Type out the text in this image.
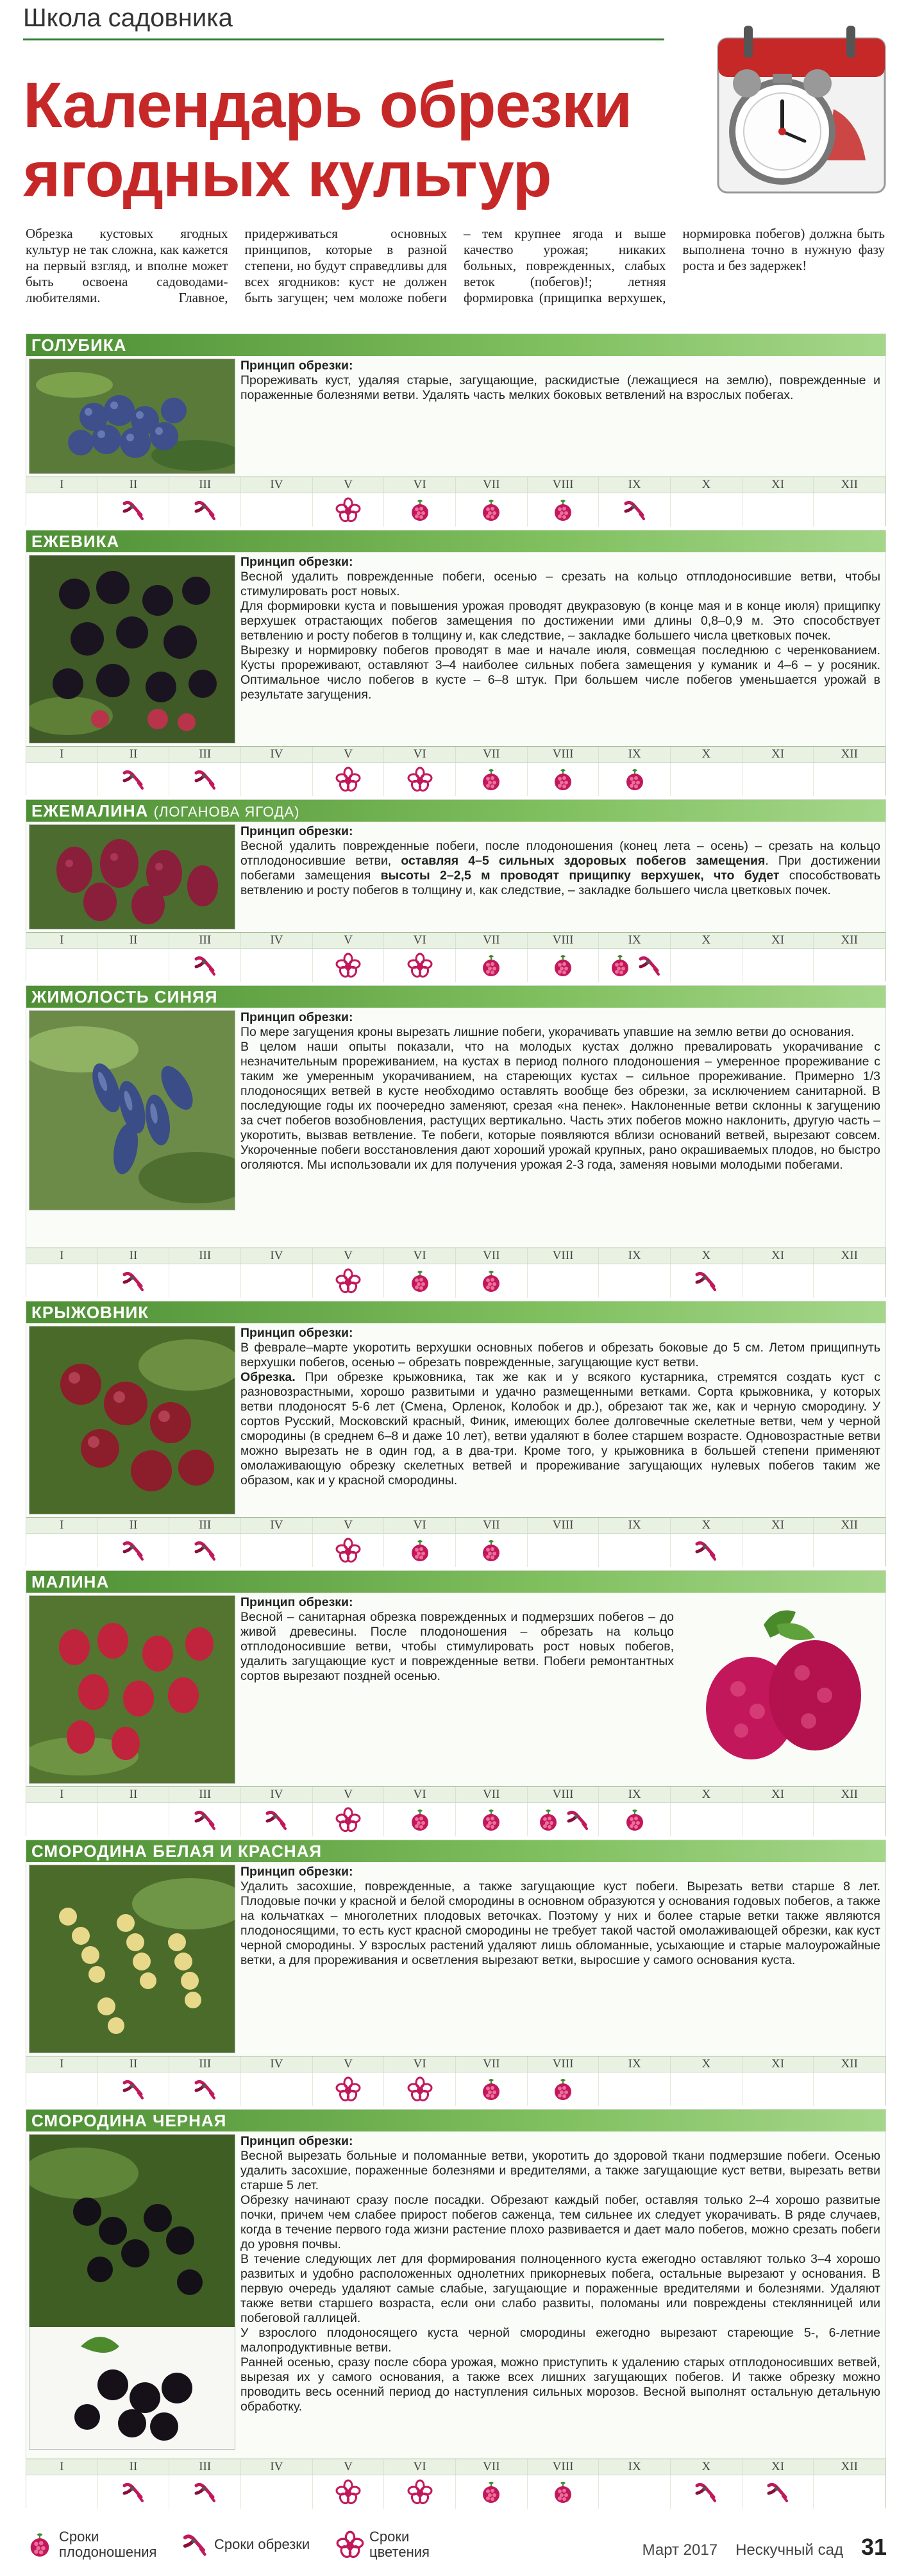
Школа садовника
Календарь обрезки
ягодных культур
Обрезка кустовых ягодных культур не так сложна, как кажется на первый взгляд, и вполне может быть освоена садоводами-любителями. Главное, придерживаться основных принципов, которые в разной степени, но будут справедливы для всех ягодников: куст не должен быть загущен; чем моложе побеги – тем крупнее ягода и выше качество урожая; никаких больных, поврежденных, слабых веток (побегов)!; летняя формировка (прищипка верхушек, нормировка побегов) должна быть выполнена точно в нужную фазу роста и без задержек!
ГОЛУБИКА
Принцип обрезки:
Прореживать куст, удаляя старые, загущающие, раскидистые (лежащиеся на землю), поврежденные и пораженные болезнями ветви. Удалять часть мелких боковых ветвлений на взрослых побегах.
I	II	III	IV	V	VI	VII	VIII	IX	X	XI	XII
ЕЖЕВИКА
Принцип обрезки:
Весной удалить поврежденные побеги, осенью – срезать на кольцо отплодоносившие ветви, чтобы стимулировать рост новых.
Для формировки куста и повышения урожая проводят двукразовую (в конце мая и в конце июля) прищипку верхушек отрастающих побегов замещения по достижении ими длины 0,8–0,9 м. Это способствует ветвлению и росту побегов в толщину и, как следствие, – закладке большего числа цветковых почек.
Вырезку и нормировку побегов проводят в мае и начале июля, совмещая последнюю с черенкованием. Кусты прореживают, оставляют 3–4 наиболее сильных побега замещения у куманик и 4–6 – у росяник. Оптимальное число побегов в кусте – 6–8 штук. При большем числе побегов уменьшается урожай в результате загущения.
I	II	III	IV	V	VI	VII	VIII	IX	X	XI	XII
ЕЖЕМАЛИНА (ЛОГАНОВА ЯГОДА)
Принцип обрезки:
Весной удалить поврежденные побеги, после плодоношения (конец лета – осень) – срезать на кольцо отплодоносившие ветви, оставляя 4–5 сильных здоровых побегов замещения. При достижении побегами замещения высоты 2–2,5 м проводят прищипку верхушек, что будет способствовать ветвлению и росту побегов в толщину и, как следствие, – закладке большего числа цветковых почек.
I	II	III	IV	V	VI	VII	VIII	IX	X	XI	XII
ЖИМОЛОСТЬ СИНЯЯ
Принцип обрезки:
По мере загущения кроны вырезать лишние побеги, укорачивать упавшие на землю ветви до основания.
В целом наши опыты показали, что на молодых кустах должно превалировать укорачивание с незначительным прореживанием, на кустах в период полного плодоношения – умеренное прореживание с таким же умеренным укорачиванием, на стареющих кустах – сильное прореживание. Примерно 1/3 плодоносящих ветвей в кусте необходимо оставлять вообще без обрезки, за исключением санитарной. В последующие годы их поочередно заменяют, срезая «на пенек». Наклоненные ветви склонны к загущению за счет побегов возобновления, растущих вертикально. Часть этих побегов можно наклонить, другую часть – укоротить, вызвав ветвление. Те побеги, которые появляются вблизи оснований ветвей, вырезают совсем. Укороченные побеги восстановления дают хороший урожай крупных, рано окрашиваемых плодов, но быстро оголяются. Мы использовали их для получения урожая 2-3 года, заменяя новыми молодыми побегами.
I	II	III	IV	V	VI	VII	VIII	IX	X	XI	XII
КРЫЖОВНИК
Принцип обрезки:
В феврале–марте укоротить верхушки основных побегов и обрезать боковые до 5 см. Летом прищипнуть верхушки побегов, осенью – обрезать поврежденные, загущающие куст ветви.
Обрезка. При обрезке крыжовника, так же как и у всякого кустарника, стремятся создать куст с разновозрастными, хорошо развитыми и удачно размещенными ветками. Сорта крыжовника, у которых ветви плодоносят 5-6 лет (Смена, Орленок, Колобок и др.), обрезают так же, как и черную смородину. У сортов Русский, Московский красный, Финик, имеющих более долговечные скелетные ветви, чем у черной смородины (в среднем 6–8 и даже 10 лет), ветви удаляют в более старшем возрасте. Одновозрастные ветви можно вырезать не в один год, а в два-три. Кроме того, у крыжовника в большей степени применяют омолаживающую обрезку скелетных ветвей и прореживание загущающих нулевых побегов таким же образом, как и у красной смородины.
I	II	III	IV	V	VI	VII	VIII	IX	X	XI	XII
МАЛИНА
Принцип обрезки:
Весной – санитарная обрезка поврежденных и подмерзших побегов – до живой древесины. После плодоношения – обрезать на кольцо отплодоносившие ветви, чтобы стимулировать рост новых побегов, удалить загущающие куст и поврежденные ветви. Побеги ремонтантных сортов вырезают поздней осенью.
I	II	III	IV	V	VI	VII	VIII	IX	X	XI	XII
СМОРОДИНА БЕЛАЯ И КРАСНАЯ
Принцип обрезки:
Удалить засохшие, поврежденные, а также загущающие куст побеги. Вырезать ветви старше 8 лет. Плодовые почки у красной и белой смородины в основном образуются у основания годовых побегов, а также на кольчатках – многолетних плодовых веточках. Поэтому у них и более старые ветки также являются плодоносящими, то есть куст красной смородины не требует такой частой омолаживающей обрезки, как куст черной смородины. У взрослых растений удаляют лишь обломанные, усыхающие и старые малоурожайные ветки, а для прореживания и осветления вырезают ветки, выросшие у самого основания куста.
I	II	III	IV	V	VI	VII	VIII	IX	X	XI	XII
СМОРОДИНА ЧЕРНАЯ
Принцип обрезки:
Весной вырезать больные и поломанные ветви, укоротить до здоровой ткани подмерзшие побеги. Осенью удалить засохшие, пораженные болезнями и вредителями, а также загущающие куст ветви, вырезать ветви старше 5 лет.
Обрезку начинают сразу после посадки. Обрезают каждый побег, оставляя только 2–4 хорошо развитые почки, причем чем слабее прирост побегов саженца, тем сильнее их следует укорачивать. В ряде случаев, когда в течение первого года жизни растение плохо развивается и дает мало побегов, можно срезать побеги до уровня почвы.
В течение следующих лет для формирования полноценного куста ежегодно оставляют только 3–4 хорошо развитых и удобно расположенных однолетних прикорневых побега, остальные вырезают у основания. В первую очередь удаляют самые слабые, загущающие и пораженные вредителями и болезнями. Удаляют также ветви старшего возраста, если они слабо развиты, поломаны или повреждены стеклянницей или побеговой галлицей.
У взрослого плодоносящего куста черной смородины ежегодно вырезают стареющие 5-, 6-летние малопродуктивные ветви.
Ранней осенью, сразу после сбора урожая, можно приступить к удалению старых отплодоносивших ветвей, вырезая их у самого основания, а также всех лишних загущающих побегов. И также обрезку можно проводить весь осенний период до наступления сильных морозов. Весной выполнят остальную детальную обработку.
I	II	III	IV	V	VI	VII	VIII	IX	X	XI	XII
Сроки плодоношения	Сроки обрезки	Сроки цветения	Март 2017 Нескучный сад 31
